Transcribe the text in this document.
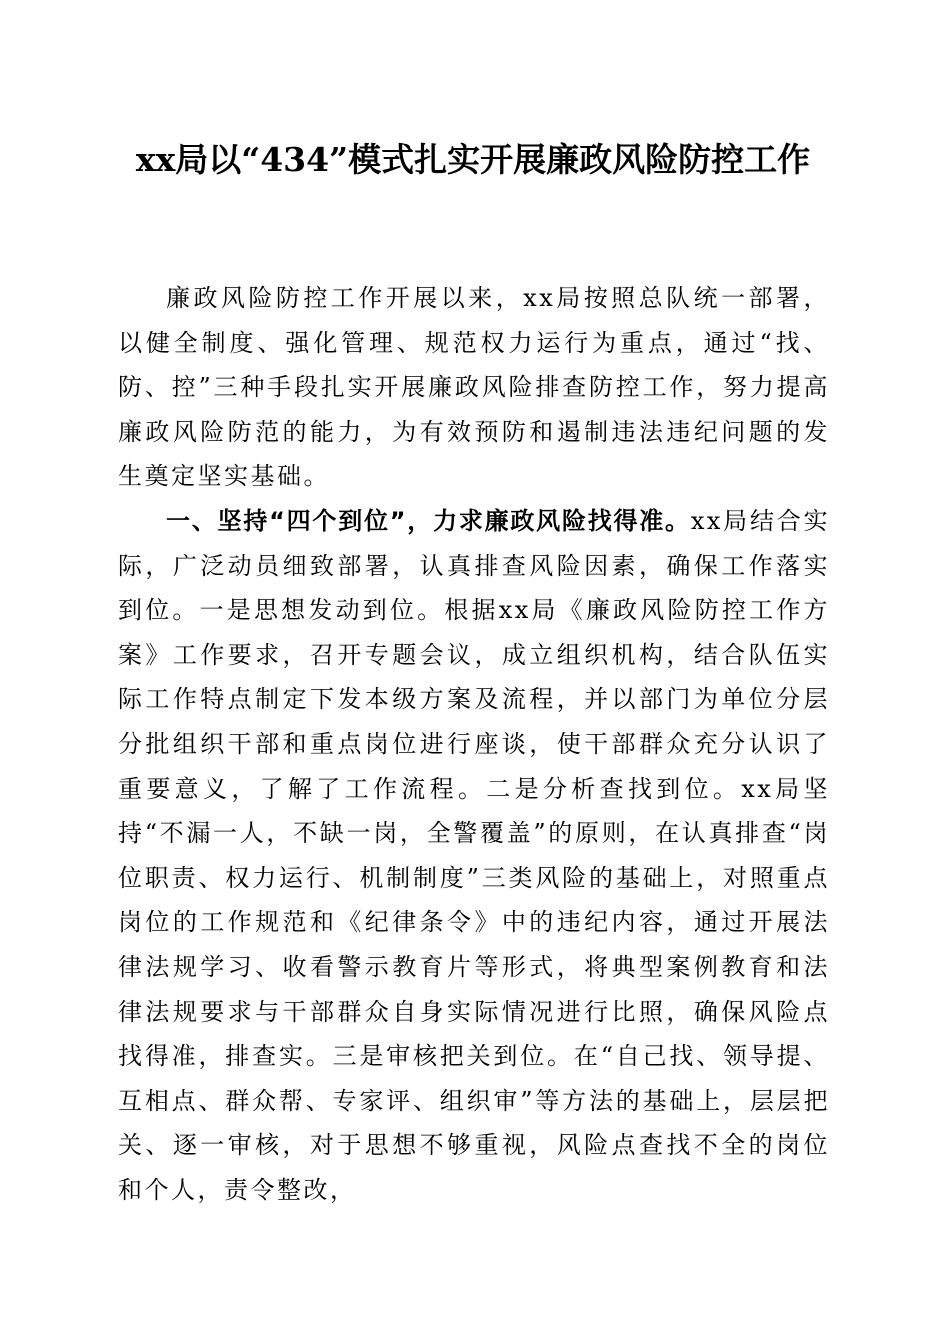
xx局以“434”模式扎实开展廉政风险防控工作

廉政风险防控工作开展以来，xx局按照总队统一部署，以健全制度、强化管理、规范权力运行为重点，通过“找、防、控”三种手段扎实开展廉政风险排查防控工作，努力提高廉政风险防范的能力，为有效预防和遏制违法违纪问题的发生奠定坚实基础。

一、坚持“四个到位”，力求廉政风险找得准。xx局结合实际，广泛动员细致部署，认真排查风险因素，确保工作落实到位。一是思想发动到位。根据xx局《廉政风险防控工作方案》工作要求，召开专题会议，成立组织机构，结合队伍实际工作特点制定下发本级方案及流程，并以部门为单位分层分批组织干部和重点岗位进行座谈，使干部群众充分认识了重要意义，了解了工作流程。二是分析查找到位。xx局坚持“不漏一人，不缺一岗，全警覆盖”的原则，在认真排查“岗位职责、权力运行、机制制度”三类风险的基础上，对照重点岗位的工作规范和《纪律条令》中的违纪内容，通过开展法律法规学习、收看警示教育片等形式，将典型案例教育和法律法规要求与干部群众自身实际情况进行比照，确保风险点找得准，排查实。三是审核把关到位。在“自己找、领导提、互相点、群众帮、专家评、组织审”等方法的基础上，层层把关、逐一审核，对于思想不够重视，风险点查找不全的岗位和个人，责令整改，
